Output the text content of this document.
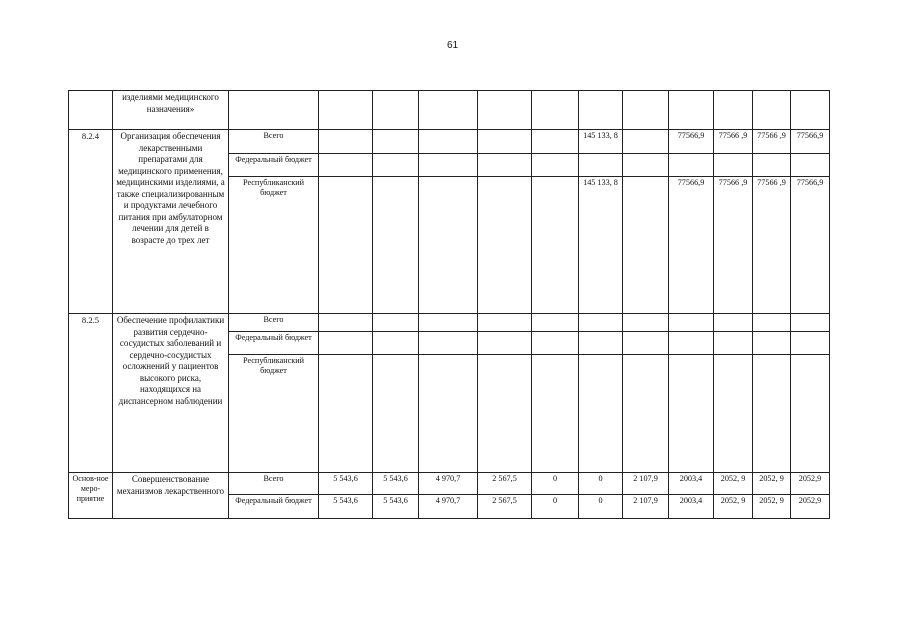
61
	изделиями медицинского назначения»												
8.2.4	Организация обеспечения лекарственными препаратами для медицинского применения, медицинскими изделиями, а также специализированным и продуктами лечебного питания при амбулаторном лечении для детей в возрасте до трех лет	Всего						145 133, 8		77566,9	77566 ,9	77566 ,9	77566,9
		Федеральный бюджет											
		Республиканский бюджет						145 133, 8		77566,9	77566 ,9	77566 ,9	77566,9
8.2.5	Обеспечение профилактики развития сердечно-сосудистых заболеваний и сердечно-сосудистых осложнений у пациентов высокого риска, находящихся на диспансерном наблюдении	Всего											
		Федеральный бюджет											
		Республиканский бюджет											
Основ-ное меро-приятие	Совершенствование механизмов лекарственного	Всего	5 543,6	5 543,6	4 970,7	2 567,5	0	0	2 107,9	2003,4	2052, 9	2052, 9	2052,9
		Федеральный бюджет	5 543,6	5 543,6	4 970,7	2 567,5	0	0	2 107,9	2003,4	2052, 9	2052, 9	2052,9
